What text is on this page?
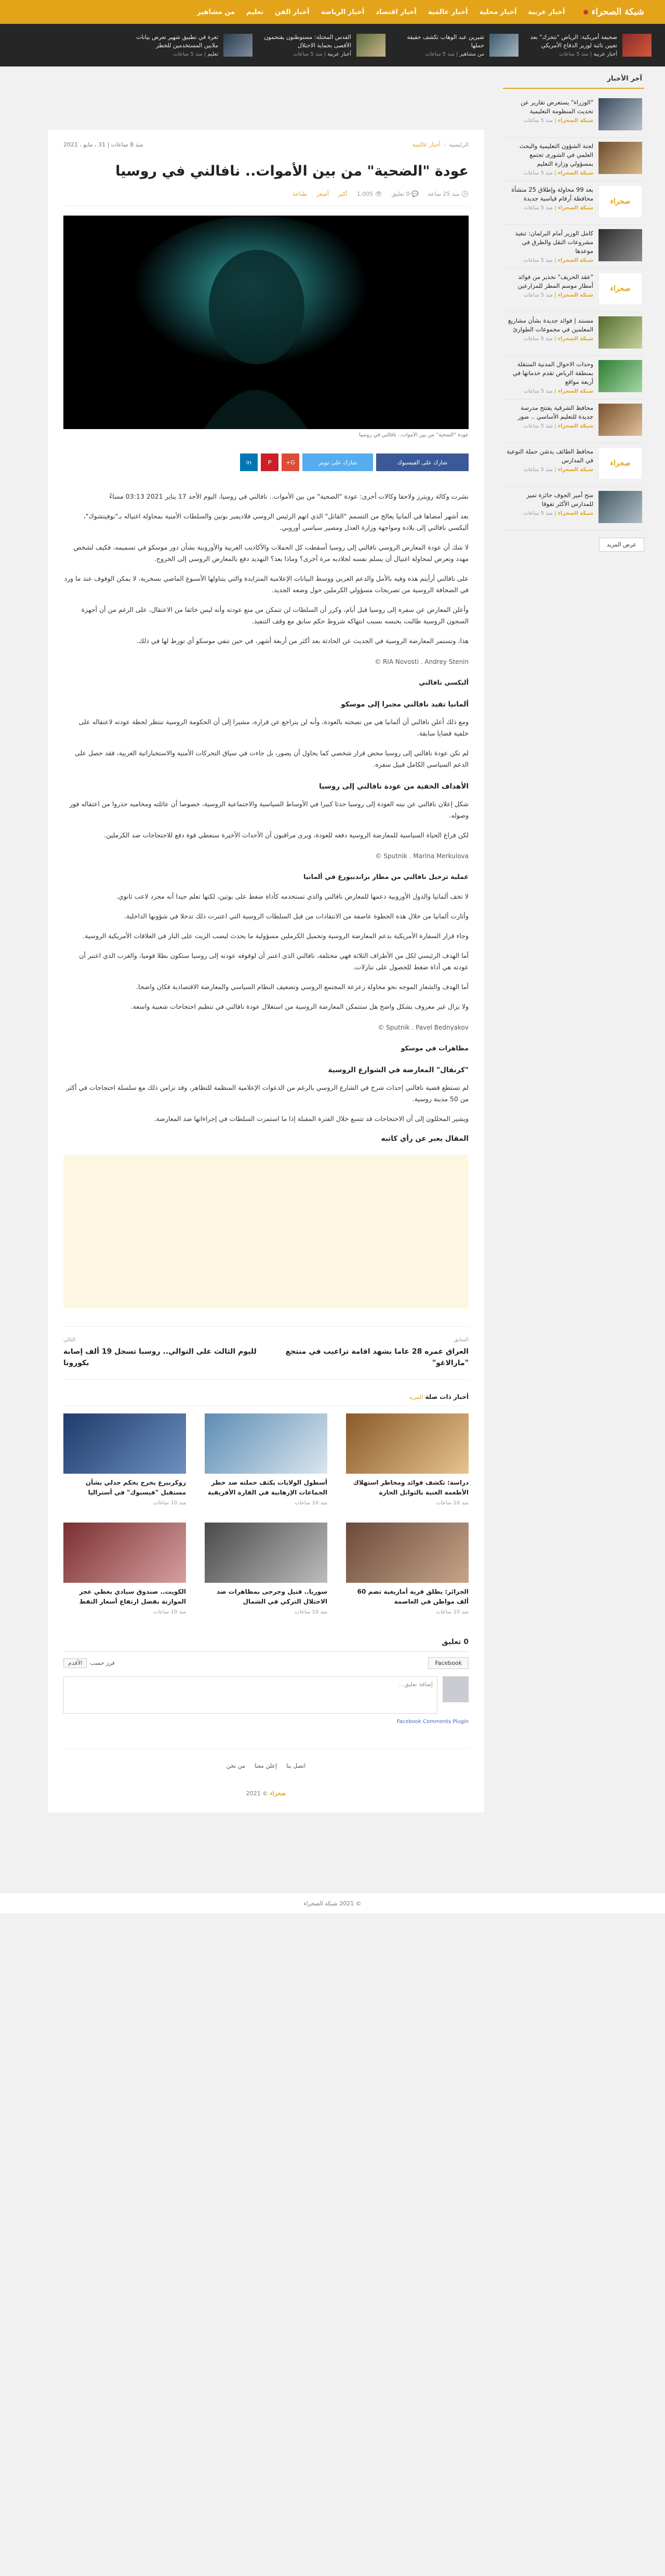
شبكة الصحراء
أخبار عربية
أخبار محلية
أخبار عالمية
أخبار اقتصاد
أخبار الرياضة
أخبار الفن
تعليم
من مشاهير
صحيفة أمريكية: الرياض "تتحرك" بعد تعيين نائبة لوزير الدفاع الأمريكي
أخبار عربية | منذ 5 ساعات
شيرين عبد الوهاب تكشف حقيقة حملها
من مشاهير | منذ 5 ساعات
القدس المحتلة: مستوطنون يقتحمون الأقصى بحماية الاحتلال
أخبار عربية | منذ 5 ساعات
ثغرة في تطبيق شهير تعرض بيانات ملايين المستخدمين للخطر
تعليم | منذ 5 ساعات
آخر الأخبار
"الوزراء" يستعرض تقارير عن تحديث المنظومة التعليمية
شبكة الصحراء | منذ 5 ساعات
لجنة الشؤون التعليمية والبحث العلمي في الشورى تجتمع بمسؤولي وزارة التعليم
شبكة الصحراء | منذ 5 ساعات
صحراء
بعد 99 محاولة وإطلاق 25 منشأة محافظة أرقام قياسية جديدة
شبكة الصحراء | منذ 5 ساعات
كامل الوزير أمام البرلمان: تنفيذ مشروعات النقل والطرق في موعدها
شبكة الصحراء | منذ 5 ساعات
صحراء
"عقد الخريف" تحذير من فوائد أمطار موسم المطر للمزارعين
شبكة الصحراء | منذ 5 ساعات
مستند | فوائد جديدة بشأن مشاريع المعلمين في مجموعات الطوارئ
شبكة الصحراء | منذ 5 ساعات
وحدات الاحوال المدنية المتنقلة بمنطقة الرياض تقدم خدماتها في أربعة مواقع
شبكة الصحراء | منذ 5 ساعات
محافظ الشرقية يفتتح مدرسة جديدة للتعليم الأساسي .. صور
شبكة الصحراء | منذ 5 ساعات
صحراء
محافظ الطائف يدشن حملة التوعية في المدارس
شبكة الصحراء | منذ 5 ساعات
منح أمير الجوف جائزة تميز للمدارس الأكثر تفوقا
شبكة الصحراء | منذ 5 ساعات
عرض المزيد
الرئيسية
›
أخبار عالمية
منذ 8 ساعات | 31 ، مايو ، 2021
عودة "الضحية" من بين الأموات.. نافالني في روسيا
🕒 منذ 25 ساعة
💬 0 تعليق
👁 1,005
أكبر
أصغر
طباعة
عودة "الضحية" من بين الأموات.. نافالني في روسيا
شارك على الفيسبوك
شارك على تويتر
G+
P
in

نشرت وكالة رويترز ولاحقا وكالات أخرى: عودة "الضحية" من بين الأموات.. نافالني في روسيا، اليوم الأحد 17 يناير 2021 03:13 مساءً

بعد أشهر أمضاها في ألمانيا يعالج من التسمم "القاتل" الذي اتهم الرئيس الروسي فلاديمير بوتين والسلطات الأمنية بمحاولة اغتياله بـ"نوفيتشوك"، أليكسي نافالني إلى بلاده ومواجهة وزارة العدل ومصير سياسي أوروبي.

لا شك أن عودة المعارض الروسي نافالني إلى روسيا أسقطت كل الحملات والأكاذيب الغربية والأوروبية بشأن دور موسكو في تسميمه، فكيف لشخص مهدد وتعرض لمحاولة اغتيال أن يسلم نفسه لجلاديه مرة أخرى؟ وماذا بعد؟ التهديد دفع بالمعارض الروسي إلى الخروج.

على نافالني أرأيتم هذه وفيه بالأمل والدعم الغربي ووسط البيانات الإعلامية المتزايدة والتي يتناولها الأسبوع الماضي بسخرية، لا يمكن الوقوف عند ما ورد في الصحافة الروسية من تصريحات مسؤولي الكرملين حول وضعه الجديد.

وأعلن المعارض عن سفره إلى روسيا قبل أيام، وكرر أن السلطات لن تتمكن من منع عودته وأنه ليس خائفا من الاعتقال، على الرغم من أن أجهزة السجون الروسية طالبت بحبسه بسبب انتهاكه شروط حكم سابق مع وقف التنفيذ.

هذا، وتستمر المعارضة الروسية في الحديث عن الحادثة بعد أكثر من أربعة أشهر، في حين تنفي موسكو أي تورط لها في ذلك.

RIA Novosti . Andrey Stenin ©

أليكسي نافالني

ألمانيا تفيد نافالني مجبرا إلى موسكو

ومع ذلك أعلن نافالني أن ألمانيا هي من نصحته بالعودة، وأنه لن يتراجع عن قراره، مشيرا إلى أن الحكومة الروسية تنتظر لحظة عودته لاعتقاله على خلفية قضايا سابقة.

لم تكن عودة نافالني إلى روسيا محض قرار شخصي كما يحاول أن يصور، بل جاءت في سياق التحركات الأمنية والاستخباراتية الغربية، فقد حصل على الدعم السياسي الكامل قبيل سفره.

الأهداف الخفية من عودة نافالني إلى روسيا

شكل إعلان نافالني عن نيته العودة إلى روسيا حدثا كبيرا في الأوساط السياسية والاجتماعية الروسية، خصوصا أن عائلته ومحاميه حذروا من اعتقاله فور وصوله.

لكن فراغ الحياة السياسية للمعارضة الروسية دفعه للعودة، ويرى مراقبون أن الأحداث الأخيرة ستعطي قوة دفع للاحتجاجات ضد الكرملين.

Sputnik . Marina Merkulova ©

عملية ترحيل نافالني من مطار برانديبورغ في ألمانيا

لا تخف ألمانيا والدول الأوروبية دعمها للمعارض نافالني والذي تستخدمه كأداة ضغط على بوتين، لكنها تعلم جيدا أنه مجرد لاعب ثانوي.

وأثارت ألمانيا من خلال هذه الخطوة عاصفة من الانتقادات من قبل السلطات الروسية التي اعتبرت ذلك تدخلا في شؤونها الداخلية.

وجاء قرار السفارة الأمريكية بدعم المعارضة الروسية وتحميل الكرملين مسؤولية ما يحدث ليصب الزيت على النار في العلاقات الأمريكية الروسية.

أما الهدف الرئيسي لكل من الأطراف الثلاثة فهي مختلفة، نافالني الذي اعتبر أن لوقوفه عودته إلى روسيا ستكون بطلا قوميا، والغرب الذي اعتبر أن عودته هي أداة ضغط للحصول على تنازلات.

أما الهدف والشعار الموجه نحو محاولة زعزعة المجتمع الروسي وتضعيف النظام السياسي والمعارضة الاقتصادية فكان واضحا.

ولا يزال غير معروف بشكل واضح هل ستتمكن المعارضة الروسية من استغلال عودة نافالني في تنظيم احتجاجات شعبية واسعة.

Sputnik . Pavel Bednyakov ©

مظاهرات في موسكو

"كرنفال" المعارضة في الشوارع الروسية

لم تستطع قضية نافالني إحداث شرخ في الشارع الروسي بالرغم من الدعوات الإعلامية المنظمة للتظاهر، وقد تزامن ذلك مع سلسلة احتجاجات في أكثر من 50 مدينة روسية.

ويشير المحللون إلى أن الاحتجاجات قد تتسع خلال الفترة المقبلة إذا ما استمرت السلطات في إجراءاتها ضد المعارضة.

المقال يعبر عن رأي كاتبه
السابق
العراق عمره 28 عاما يشهد اقامة تراعيب في منتجع "مارالاغو"
التالي
لليوم الثالث على التوالي.. روسيا تسجل 19 ألف إصابة بكورونا
أخبار ذات صلة المزيد
دراسة: تكشف فوائد ومخاطر استهلاك الأطعمة الغنية بالتوابل الحارة
منذ 10 ساعات
أسطول الولايات يكثف حملته ضد خطر الجماعات الإرهابية في القارة الأفريقية
منذ 10 ساعات
زوكربيرغ يخرج بحكم جدلي بشأن مستقبل "فيسبوك" في أستراليا
منذ 10 ساعات
الجزائر: يطلق قرية أمازيغية تضم 60 ألف مواطن في العاصمة
منذ 10 ساعات
سوريا.. قتيل وجرحى بمظاهرات ضد الاحتلال التركي في الشمال
منذ 10 ساعات
الكويت.. صندوق سيادي يغطي عجز الموازنة بفضل ارتفاع أسعار النفط
منذ 10 ساعات
0 تعليق
Facebook
فرز حسب
الأقدم
إضافة تعليق...
Facebook Comments Plugin
اتصل بنا
إعلن معنا
من نحن
صحراء © 2021
© 2021 شبكة الصحراء
